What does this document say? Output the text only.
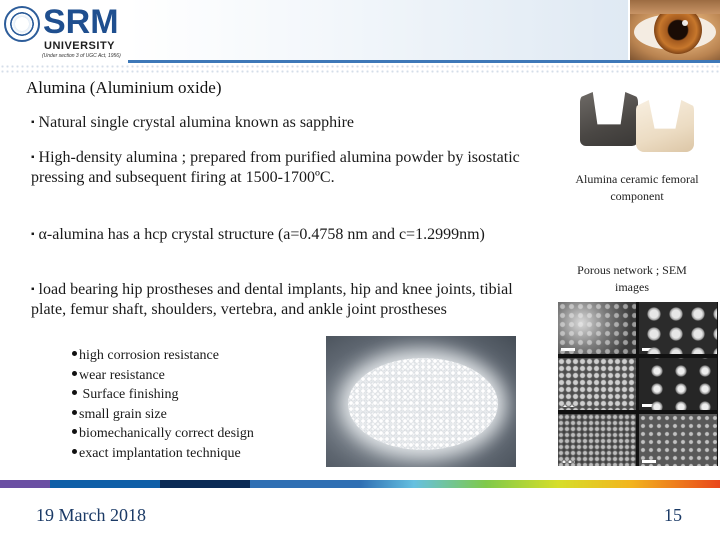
SRM
UNIVERSITY
(Under section 3 of UGC Act, 1956)
Alumina (Aluminium oxide)
▪ Natural single crystal alumina known as sapphire
▪ High-density alumina ; prepared from purified alumina powder by isostatic pressing and subsequent firing at 1500-1700ºC.
▪ α-alumina has a hcp crystal structure (a=0.4758 nm and c=1.2999nm)
▪ load bearing hip prostheses and dental implants, hip and knee joints, tibial plate, femur shaft, shoulders, vertebra, and ankle joint prostheses
high corrosion resistance
wear resistance
Surface finishing
small grain size
biomechanically correct design
exact implantation technique
Alumina ceramic femoral component
Porous network ; SEM images
19 March 2018	15
